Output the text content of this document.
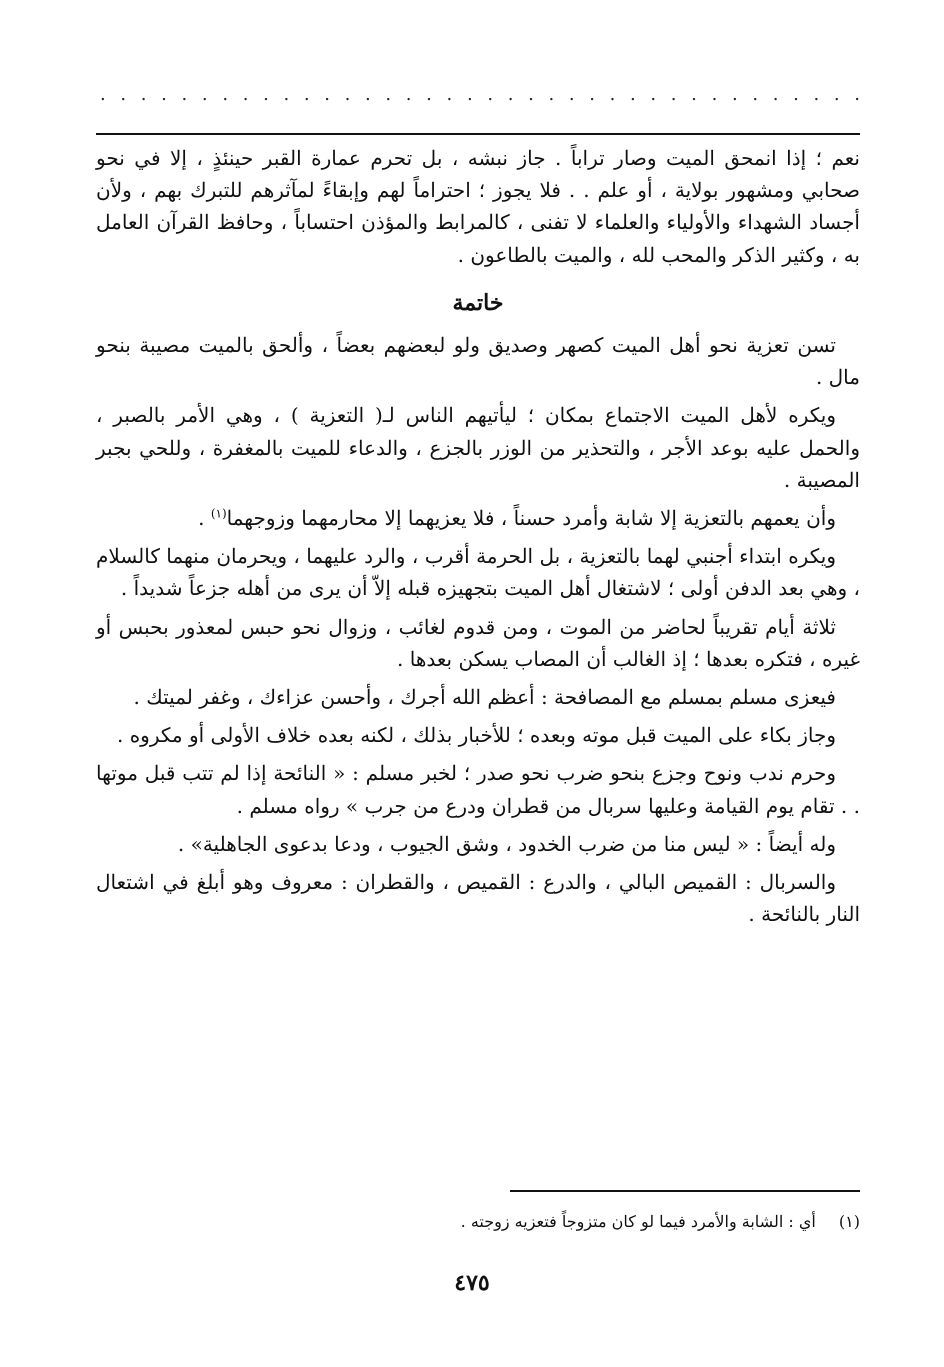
. . . . . . . . . . . . . . . . . . . . . . . . . . . . . . . . . . . . . .

نعم ؛ إذا انمحق الميت وصار تراباً . جاز نبشه ، بل تحرم عمارة القبر حينئذٍ ، إلا في نحو صحابي ومشهور بولاية ، أو علم . . فلا يجوز ؛ احتراماً لهم وإبقاءً لمآثرهم للتبرك بهم ، ولأن أجساد الشهداء والأولياء والعلماء لا تفنى ، كالمرابط والمؤذن احتساباً ، وحافظ القرآن العامل به ، وكثير الذكر والمحب لله ، والميت بالطاعون .

خاتمة

تسن تعزية نحو أهل الميت كصهر وصديق ولو لبعضهم بعضاً ، وألحق بالميت مصيبة بنحو مال .

ويكره لأهل الميت الاجتماع بمكان ؛ ليأتيهم الناس لـ( التعزية ) ، وهي الأمر بالصبر ، والحمل عليه بوعد الأجر ، والتحذير من الوزر بالجزع ، والدعاء للميت بالمغفرة ، وللحي بجبر المصيبة .

وأن يعمهم بالتعزية إلا شابة وأمرد حسناً ، فلا يعزيهما إلا محارمهما وزوجهما$^{(١)}$ .

ويكره ابتداء أجنبي لهما بالتعزية ، بل الحرمة أقرب ، والرد عليهما ، ويحرمان منهما كالسلام ، وهي بعد الدفن أولى ؛ لاشتغال أهل الميت بتجهيزه قبله إلاّ أن يرى من أهله جزعاً شديداً .

ثلاثة أيام تقريباً لحاضر من الموت ، ومن قدوم لغائب ، وزوال نحو حبس لمعذور بحبس أو غيره ، فتكره بعدها ؛ إذ الغالب أن المصاب يسكن بعدها .

فيعزى مسلم بمسلم مع المصافحة : أعظم الله أجرك ، وأحسن عزاءك ، وغفر لميتك .

وجاز بكاء على الميت قبل موته وبعده ؛ للأخبار بذلك ، لكنه بعده خلاف الأولى أو مكروه .

وحرم ندب ونوح وجزع بنحو ضرب نحو صدر ؛ لخبر مسلم : « النائحة إذا لم تتب قبل موتها . . تقام يوم القيامة وعليها سربال من قطران ودرع من جرب » رواه مسلم .

وله أيضاً : « ليس منا من ضرب الخدود ، وشق الجيوب ، ودعا بدعوى الجاهلية» .

والسربال : القميص البالي ، والدرع : القميص ، والقطران : معروف وهو أبلغ في اشتعال النار بالنائحة .

(١) أي : الشابة والأمرد فيما لو كان متزوجاً فتعزيه زوجته .
٤٧٥
